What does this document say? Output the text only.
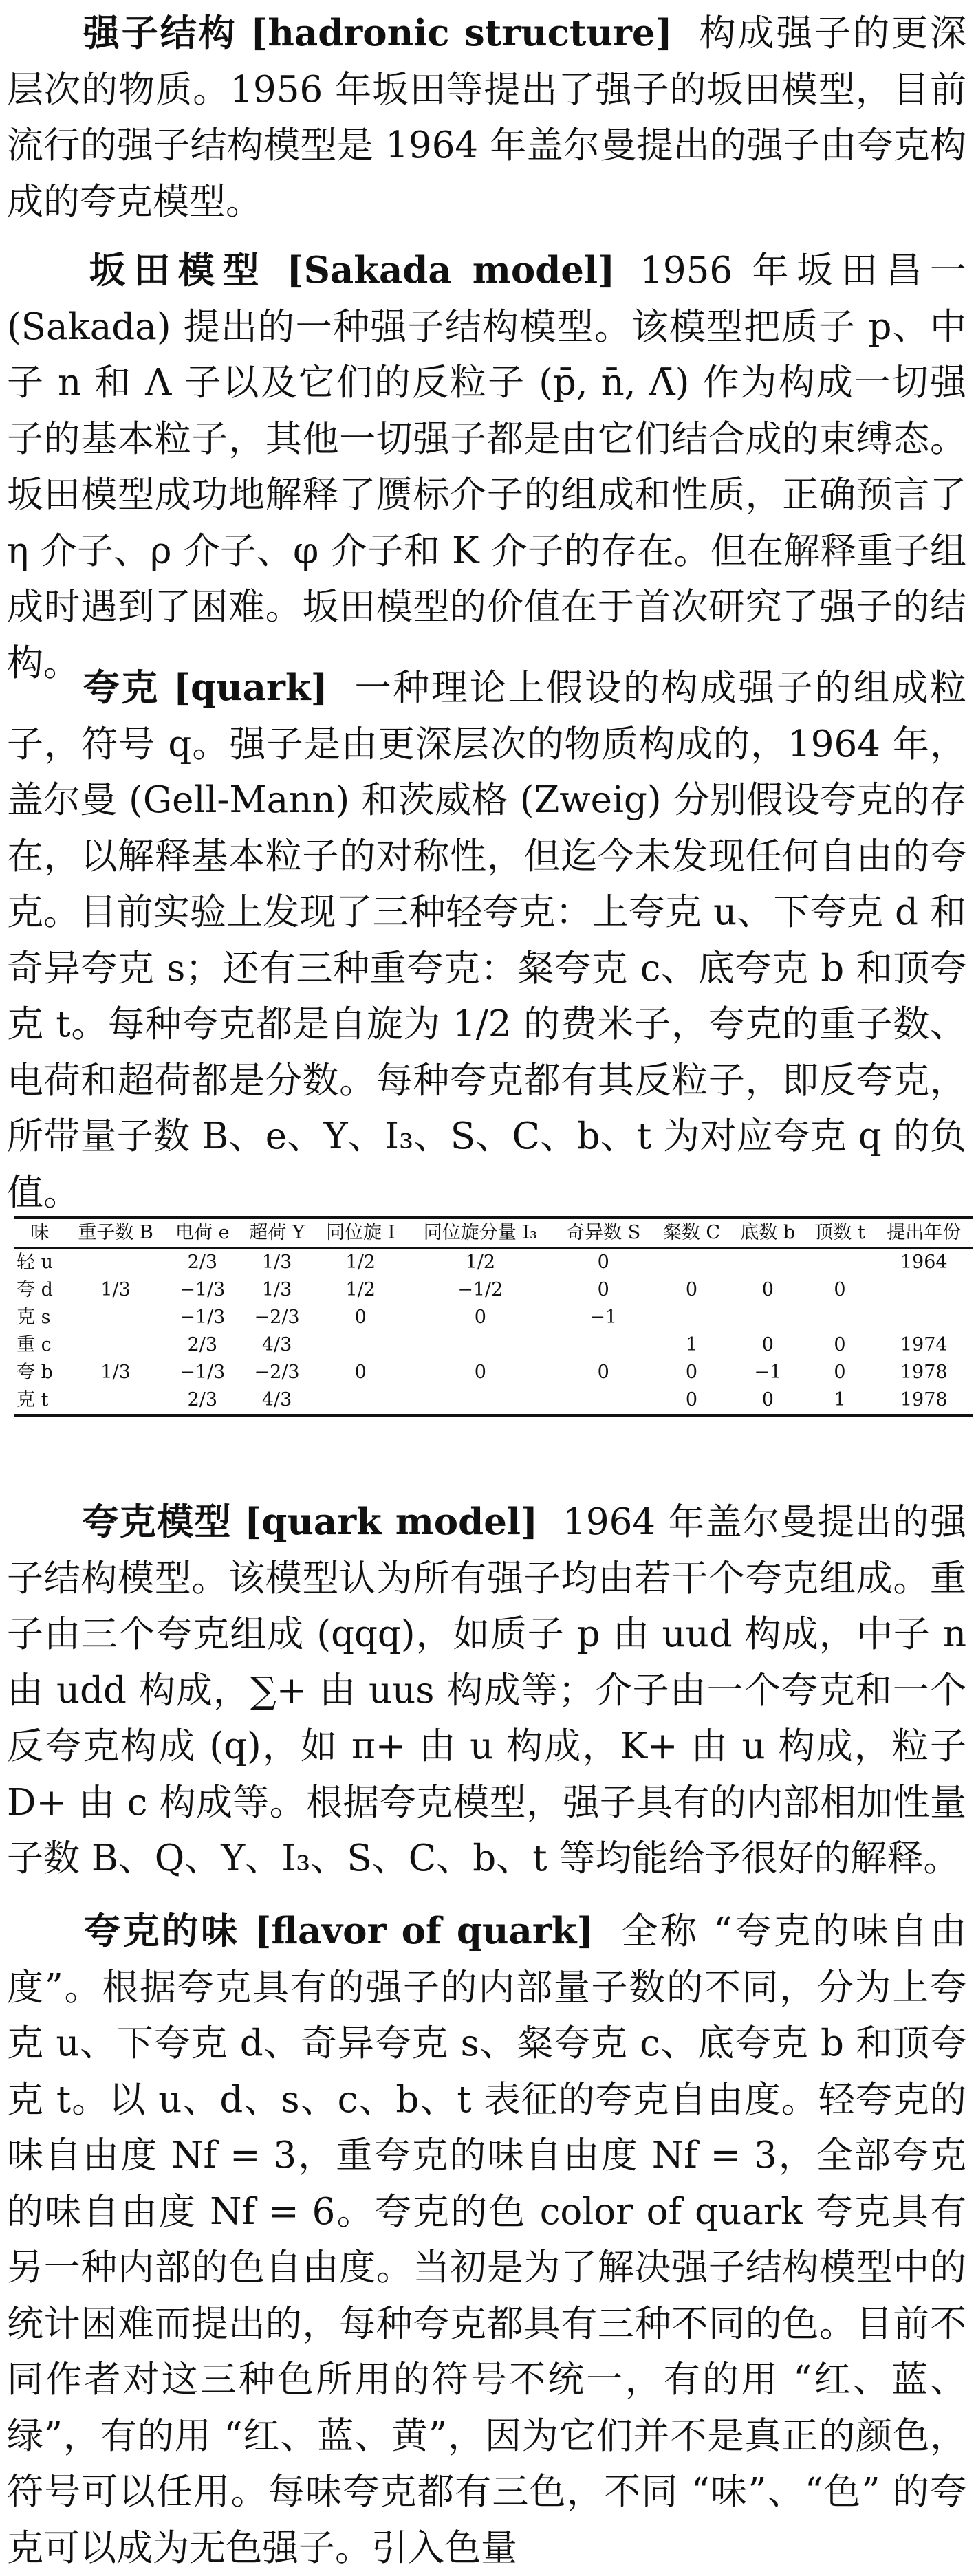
强子结构 [hadronic structure] 构成强子的更深层次的物质。1956 年坂田等提出了强子的坂田模型，目前流行的强子结构模型是 1964 年盖尔曼提出的强子由夸克构成的夸克模型。

坂田模型 [Sakada model] 1956 年坂田昌一 (Sakada) 提出的一种强子结构模型。该模型把质子 p、中子 n 和 Λ 子以及它们的反粒子 (p̄, n̄, Λ̄) 作为构成一切强子的基本粒子，其他一切强子都是由它们结合成的束缚态。坂田模型成功地解释了赝标介子的组成和性质，正确预言了 η 介子、ρ 介子、φ 介子和 K 介子的存在。但在解释重子组成时遇到了困难。坂田模型的价值在于首次研究了强子的结构。

夸克 [quark] 一种理论上假设的构成强子的组成粒子，符号 q。强子是由更深层次的物质构成的，1964 年，盖尔曼 (Gell-Mann) 和茨威格 (Zweig) 分别假设夸克的存在，以解释基本粒子的对称性，但迄今未发现任何自由的夸克。目前实验上发现了三种轻夸克：上夸克 u、下夸克 d 和奇异夸克 s；还有三种重夸克：粲夸克 c、底夸克 b 和顶夸克 t。每种夸克都是自旋为 1/2 的费米子，夸克的重子数、电荷和超荷都是分数。每种夸克都有其反粒子，即反夸克，所带量子数 B、e、Y、I₃、S、C、b、t 为对应夸克 q 的负值。

味	重子数 B	电荷 e	超荷 Y	同位旋 I	同位旋分量 I₃	奇异数 S	粲数 C	底数 b	顶数 t	提出年份
轻 u		2/3	1/3	1/2	1/2	0				1964
夸 d	1/3	−1/3	1/3	1/2	−1/2	0	0	0	0	
克 s		−1/3	−2/3	0	0	−1				
重 c		2/3	4/3				1	0	0	1974
夸 b	1/3	−1/3	−2/3	0	0	0	0	−1	0	1978
克 t		2/3	4/3				0	0	1	1978

夸克模型 [quark model] 1964 年盖尔曼提出的强子结构模型。该模型认为所有强子均由若干个夸克组成。重子由三个夸克组成 (qqq)，如质子 p 由 uud 构成，中子 n 由 udd 构成，∑+ 由 uus 构成等；介子由一个夸克和一个反夸克构成 (q)，如 π+ 由 u 构成，K+ 由 u 构成，粒子 D+ 由 c 构成等。根据夸克模型，强子具有的内部相加性量子数 B、Q、Y、I₃、S、C、b、t 等均能给予很好的解释。

夸克的味 [flavor of quark] 全称 “夸克的味自由度”。根据夸克具有的强子的内部量子数的不同，分为上夸克 u、下夸克 d、奇异夸克 s、粲夸克 c、底夸克 b 和顶夸克 t。以 u、d、s、c、b、t 表征的夸克自由度。轻夸克的味自由度 Nf = 3，重夸克的味自由度 Nf = 3，全部夸克的味自由度 Nf = 6。夸克的色 color of quark 夸克具有另一种内部的色自由度。当初是为了解决强子结构模型中的统计困难而提出的，每种夸克都具有三种不同的色。目前不同作者对这三种色所用的符号不统一，有的用 “红、蓝、绿”，有的用 “红、蓝、黄”，因为它们并不是真正的颜色，符号可以任用。每味夸克都有三色，不同 “味”、“色” 的夸克可以成为无色强子。引入色量
